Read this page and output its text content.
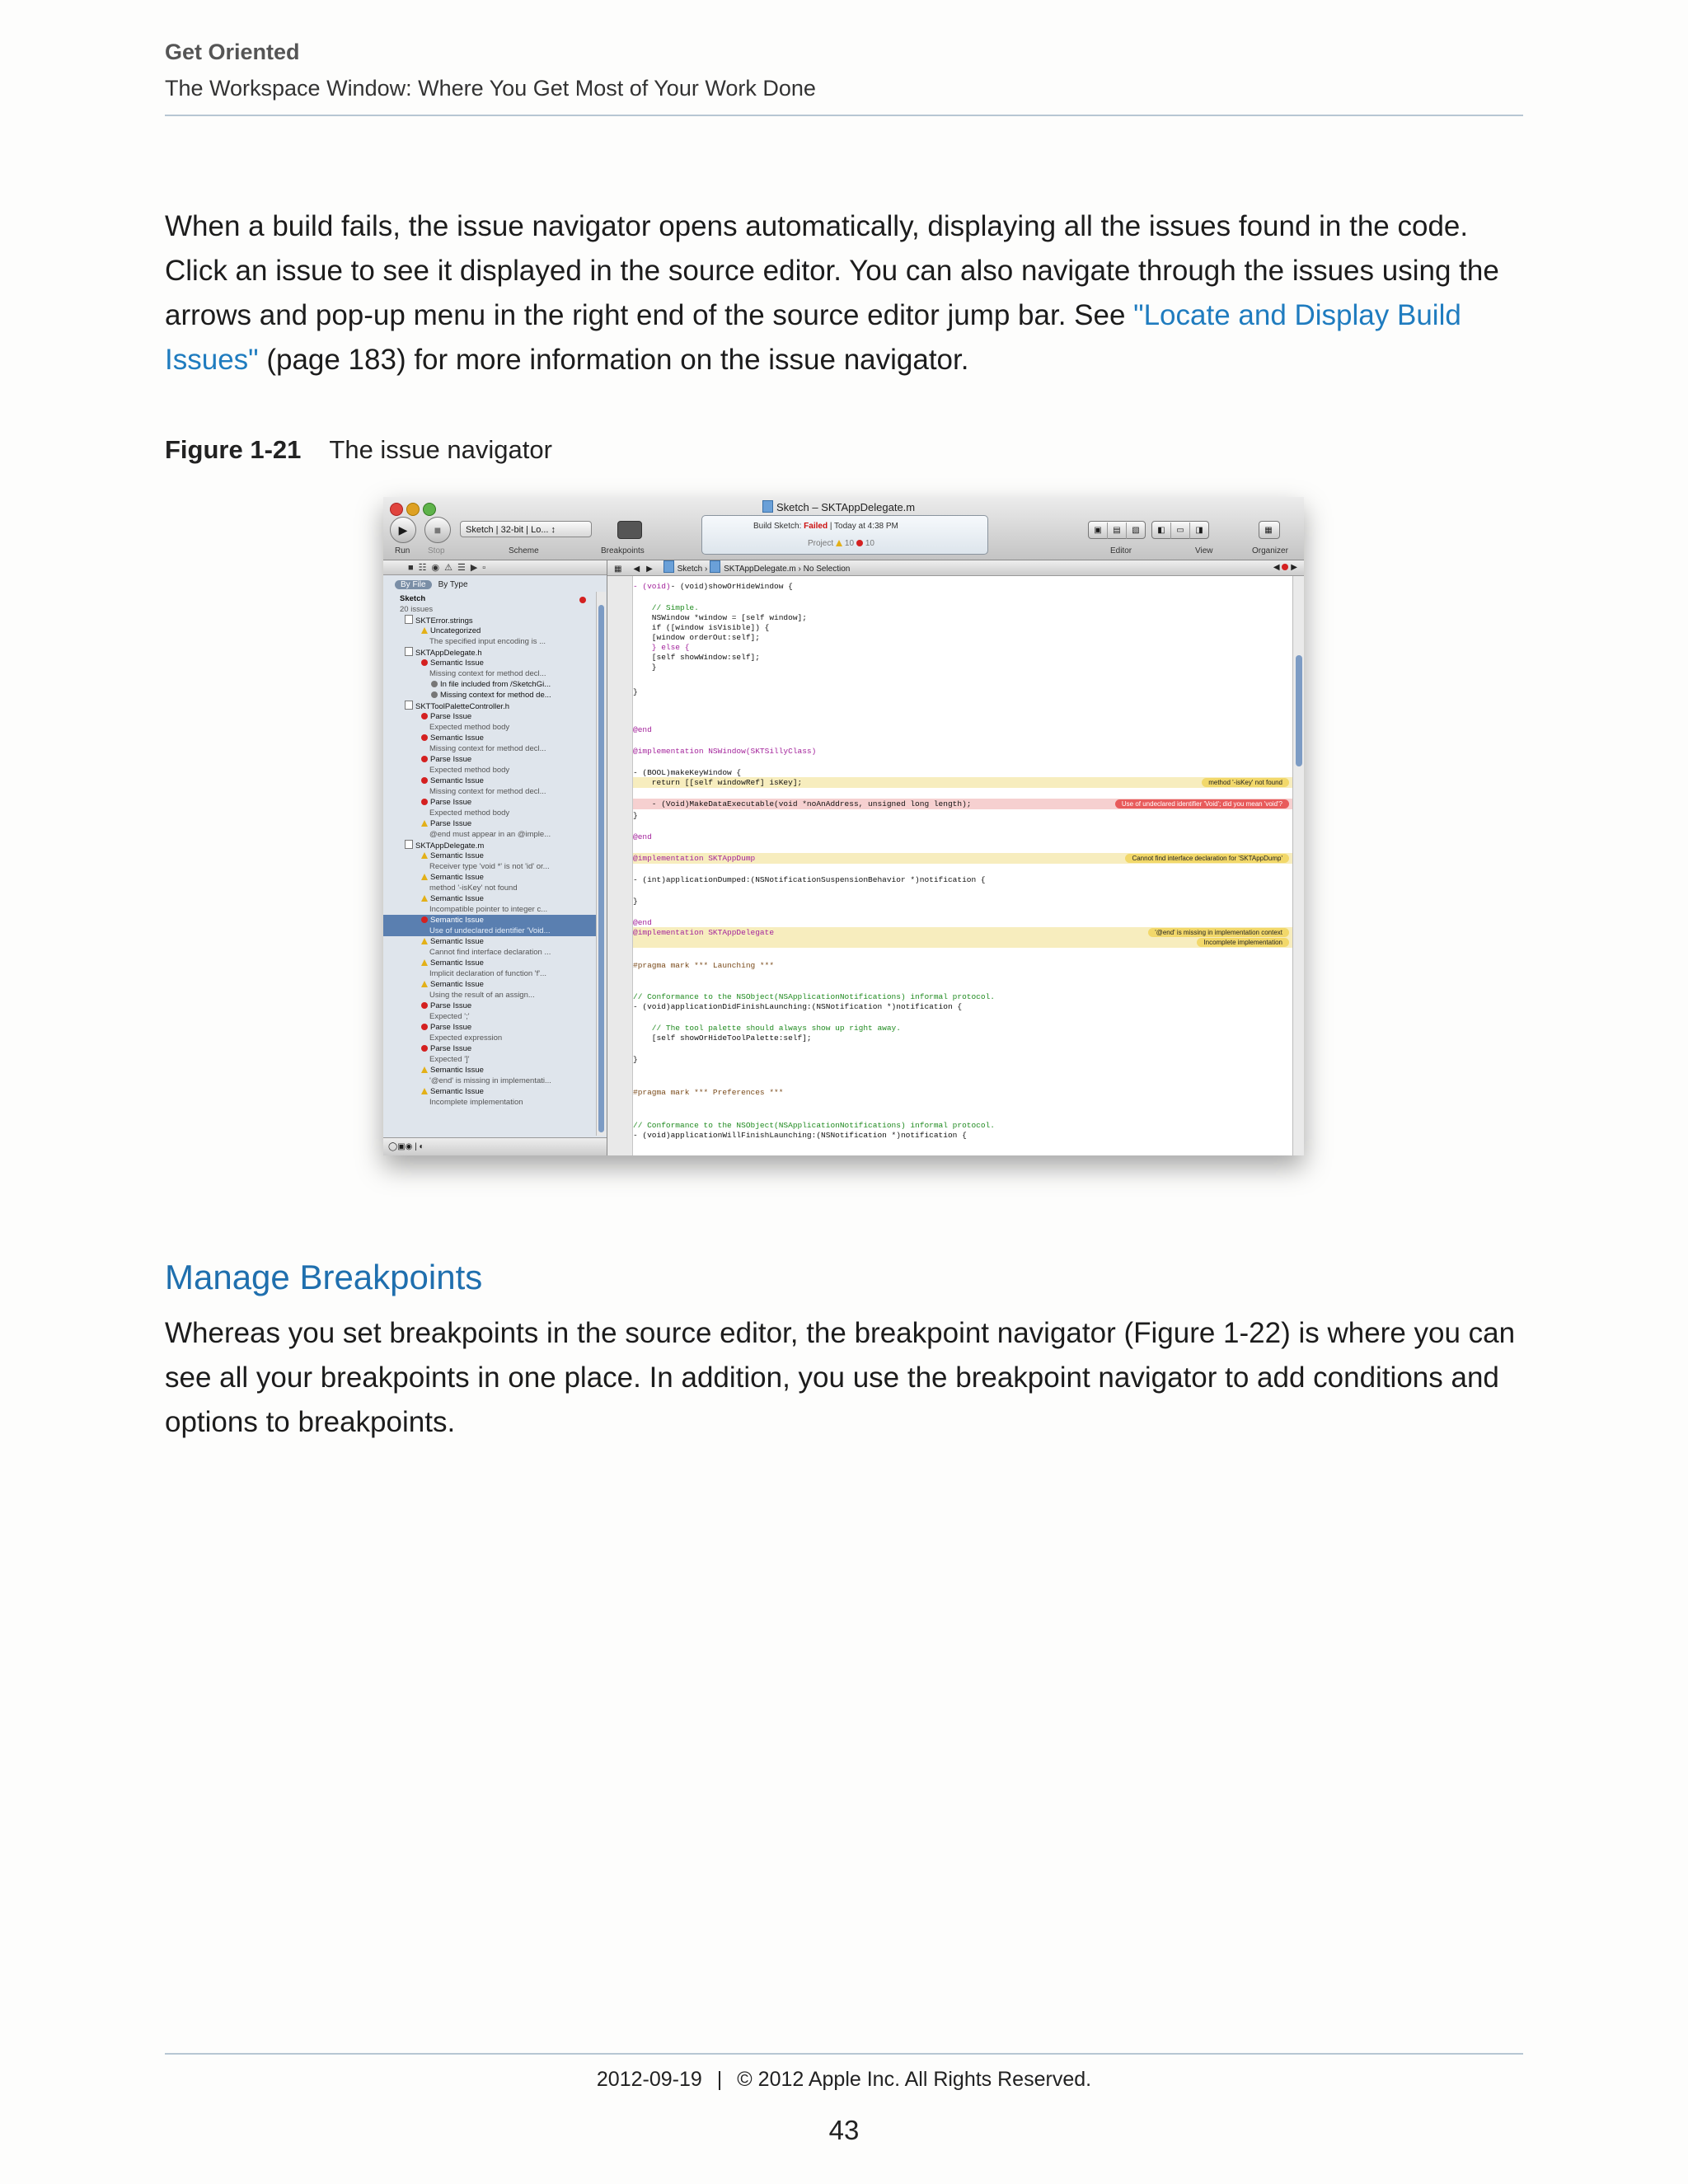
Get Oriented
The Workspace Window: Where You Get Most of Your Work Done

When a build fails, the issue navigator opens automatically, displaying all the issues found in the code. Click an issue to see it displayed in the source editor. You can also navigate through the issues using the arrows and pop-up menu in the right end of the source editor jump bar. See "Locate and Display Build Issues" (page 183) for more information on the issue navigator.

Figure 1-21 The issue navigator
Sketch – SKTAppDelegate.m
▶	■
Run Stop
Sketch | 32-bit | Lo... ↕
Scheme	Breakpoints
Build Sketch: Failed | Today at 4:38 PM
Project 10 10
▣ ▤ ▧	◧ ▭ ◨	▦
Editor	View	Organizer
■☷◉⚠☰▶▫
By File By Type
Sketch
20 issues
SKTError.strings
Uncategorized
The specified input encoding is ...
SKTAppDelegate.h
Semantic Issue
Missing context for method decl...
In file included from /SketchGi...
Missing context for method de...
SKTToolPaletteController.h
Parse Issue
Expected method body
Semantic Issue
Missing context for method decl...
Parse Issue
Expected method body
Semantic Issue
Missing context for method decl...
Parse Issue
Expected method body
Parse Issue
@end must appear in an @imple...
SKTAppDelegate.m
Semantic Issue
Receiver type 'void *' is not 'id' or...
Semantic Issue
method '-isKey' not found
Semantic Issue
Incompatible pointer to integer c...
Semantic Issue
Use of undeclared identifier 'Void...
Semantic Issue
Cannot find interface declaration ...
Semantic Issue
Implicit declaration of function 'f'...
Semantic Issue
Using the result of an assign...
Parse Issue
Expected ';'
Parse Issue
Expected expression
Parse Issue
Expected ']'
Semantic Issue
'@end' is missing in implementati...
Semantic Issue
Incomplete implementation
◯▣◉ | ◐
▦ ◀ ▶	Sketch › SKTAppDelegate.m › No Selection	◀ ▶
- (void)- (void)showOrHideWindow {
// Simple.
NSWindow *window = [self window];
if ([window isVisible]) {
[window orderOut:self];
} else {
[self showWindow:self];
}
}
@end
@implementation NSWindow(SKTSillyClass)
- (BOOL)makeKeyWindow {
return [[self windowRef] isKey];	method '-isKey' not found
- (Void)MakeDataExecutable(void *noAnAddress, unsigned long length);	Use of undeclared identifier 'Void'; did you mean 'void'?
}
@end
@implementation SKTAppDump	Cannot find interface declaration for 'SKTAppDump'
- (int)applicationDumped:(NSNotificationSuspensionBehavior *)notification {
}
@end
@implementation SKTAppDelegate	'@end' is missing in implementation context
Incomplete implementation
#pragma mark *** Launching ***
// Conformance to the NSObject(NSApplicationNotifications) informal protocol.
- (void)applicationDidFinishLaunching:(NSNotification *)notification {
// The tool palette should always show up right away.
[self showOrHideToolPalette:self];
}
#pragma mark *** Preferences ***
// Conformance to the NSObject(NSApplicationNotifications) informal protocol.
- (void)applicationWillFinishLaunching:(NSNotification *)notification {
Manage Breakpoints

Whereas you set breakpoints in the source editor, the breakpoint navigator (Figure 1-22) is where you can see all your breakpoints in one place. In addition, you use the breakpoint navigator to add conditions and options to breakpoints.

2012-09-19 | © 2012 Apple Inc. All Rights Reserved.
43
